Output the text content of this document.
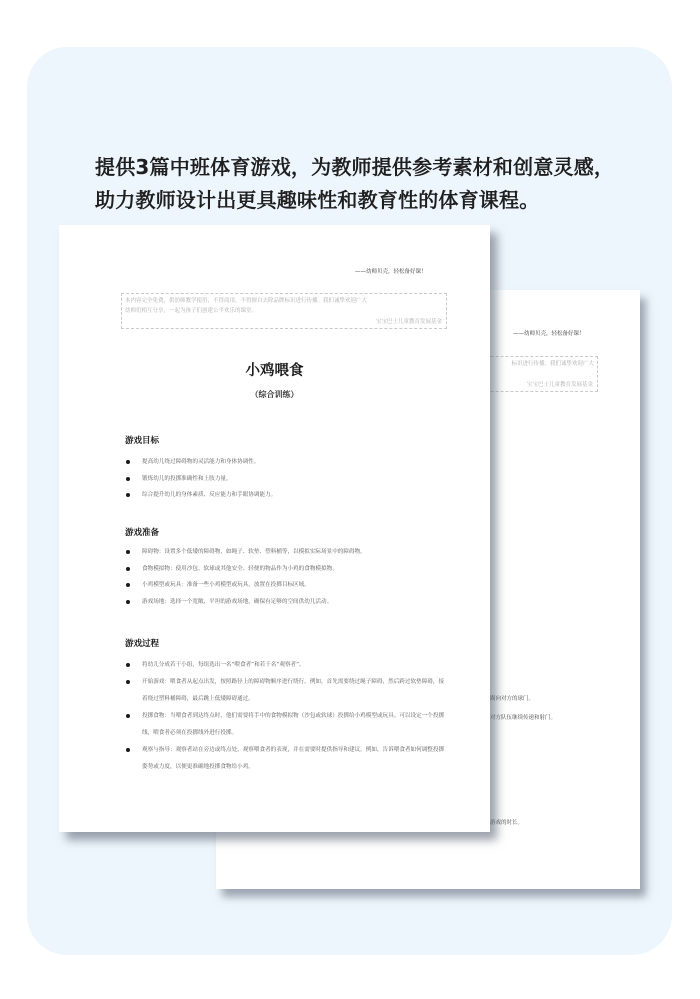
提供3篇中班体育游戏，为教师提供参考素材和创意灵感，
助力教师设计出更具趣味性和教育性的体育课程。
——幼师贝壳，轻松备好课！
标识进行传播。我们诚挚欢迎广大
宝宝巴士儿童教育发展基金
踢向对方的球门。
对方队伍继续传递和射门。
游戏的时长。
——幼师贝壳，轻松备好课！
本内容完全免费，供幼师教学使用，不得商用，不得擅自去除品牌标识进行传播。我们诚挚欢迎广大
幼师们相互分享，一起为孩子们创建公平欢乐的课堂。
宝宝巴士儿童教育发展基金
小鸡喂食
（综合训练）
游戏目标
提高幼儿绕过障碍物的灵活能力和身体协调性。
锻炼幼儿的投掷准确性和上肢力量。
综合提升幼儿的身体素质、反应能力和手眼协调能力。
游戏准备
障碍物：设置多个低矮的障碍物，如绳子、软垫、塑料桶等，以模拟实际场景中的障碍物。
食物模拟物：使用沙包、软球或其他安全、轻便的物品作为小鸡的食物模拟物。
小鸡模型或玩具：准备一些小鸡模型或玩具，放置在投掷目标区域。
游戏场地：选择一个宽敞、平坦的游戏场地，确保有足够的空间供幼儿活动。
游戏过程
将幼儿分成若干小组，每组选出一名“喂食者”和若干名“观察者”。
开始游戏：喂食者从起点出发，按照路径上的障碍物顺序进行绕行。例如，首先需要绕过绳子障碍，然后跨过软垫障碍，接着绕过塑料桶障碍，最后跳上低矮障碍通过。
投掷食物：当喂食者到达终点时，他们需要将手中的食物模拟物（沙包或软球）投掷给小鸡模型或玩具。可以设定一个投掷线，喂食者必须在投掷线外进行投掷。
观察与指导：观察者站在旁边或终点处，观察喂食者的表现，并在需要时提供指导和建议。例如，告诉喂食者如何调整投掷姿势或力度，以便更准确地投掷食物给小鸡。
